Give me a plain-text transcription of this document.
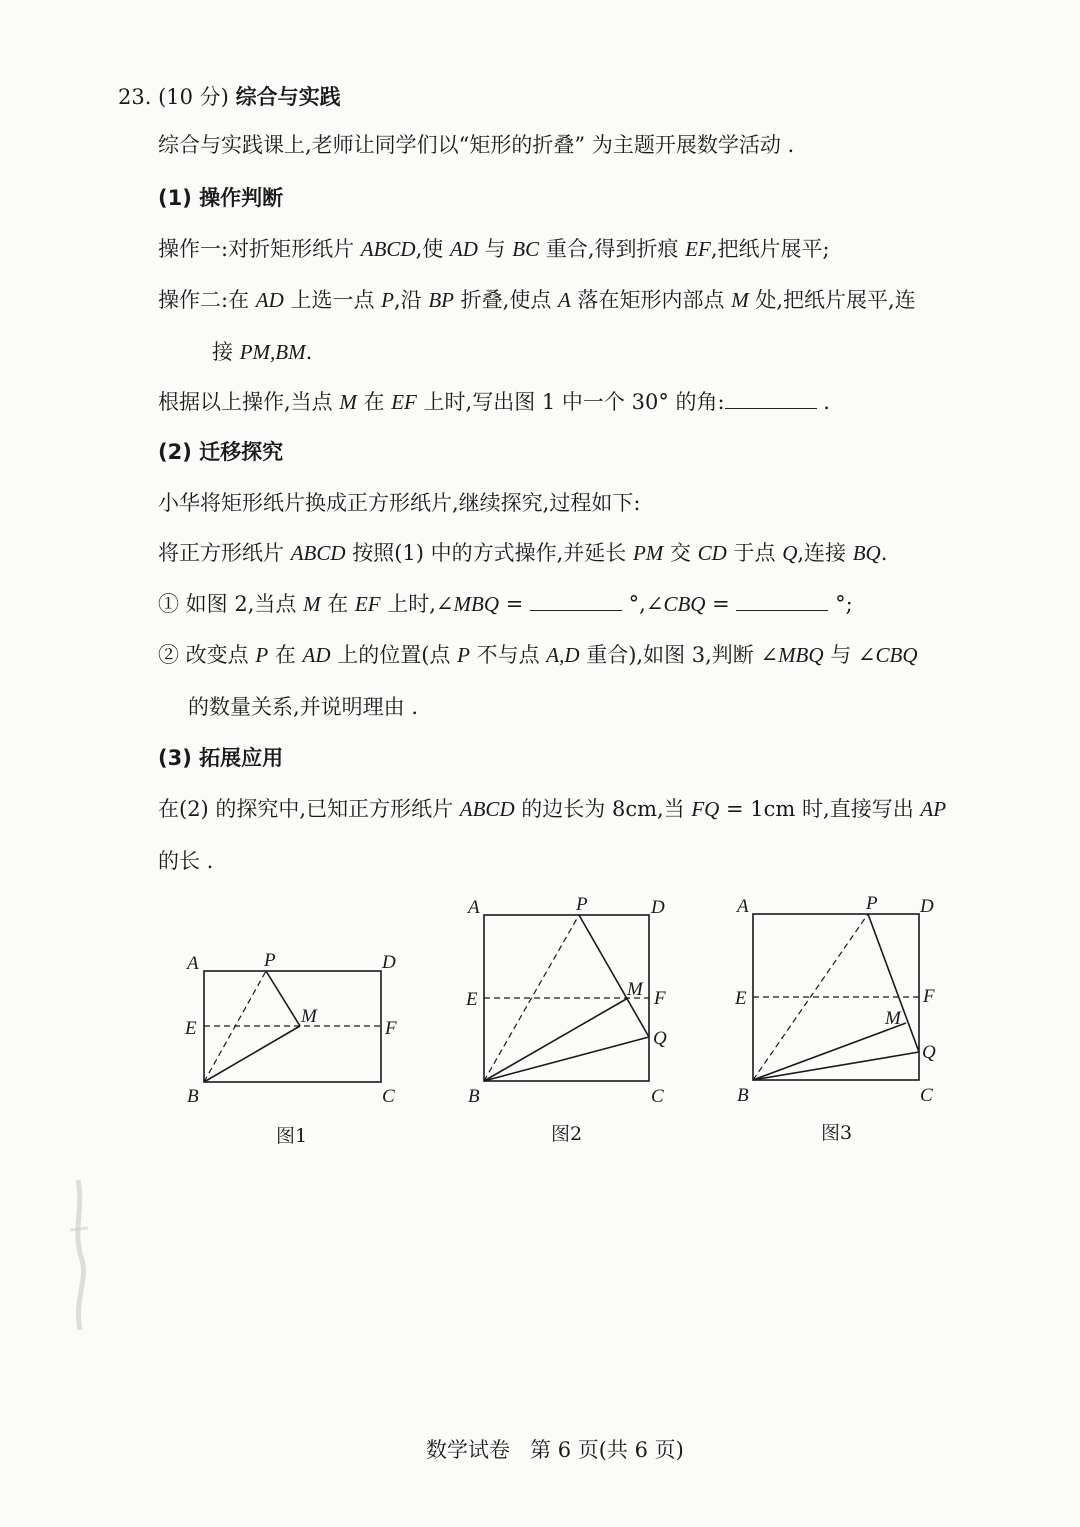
23. (10 分) 综合与实践
综合与实践课上,老师让同学们以“矩形的折叠” 为主题开展数学活动 .
(1) 操作判断
操作一:对折矩形纸片 ABCD,使 AD 与 BC 重合,得到折痕 EF,把纸片展平;
操作二:在 AD 上选一点 P,沿 BP 折叠,使点 A 落在矩形内部点 M 处,把纸片展平,连
接 PM,BM.
根据以上操作,当点 M 在 EF 上时,写出图 1 中一个 30° 的角:	.
(2) 迁移探究
小华将矩形纸片换成正方形纸片,继续探究,过程如下:
将正方形纸片 ABCD 按照(1) 中的方式操作,并延长 PM 交 CD 于点 Q,连接 BQ.
① 如图 2,当点 M 在 EF 上时,∠MBQ =	°,∠CBQ =	°;
② 改变点 P 在 AD 上的位置(点 P 不与点 A,D 重合),如图 3,判断 ∠MBQ 与 ∠CBQ
的数量关系,并说明理由 .
(3) 拓展应用
在(2) 的探究中,已知正方形纸片 ABCD 的边长为 8cm,当 FQ = 1cm 时,直接写出 AP
的长 .
A	P	D
E
M
F
B	C
A	P	D
E	M F
Q
B	C
A	P D
E
M
F
Q
B	C
图1	图2	图3
数学试卷   第 6 页(共 6 页)
